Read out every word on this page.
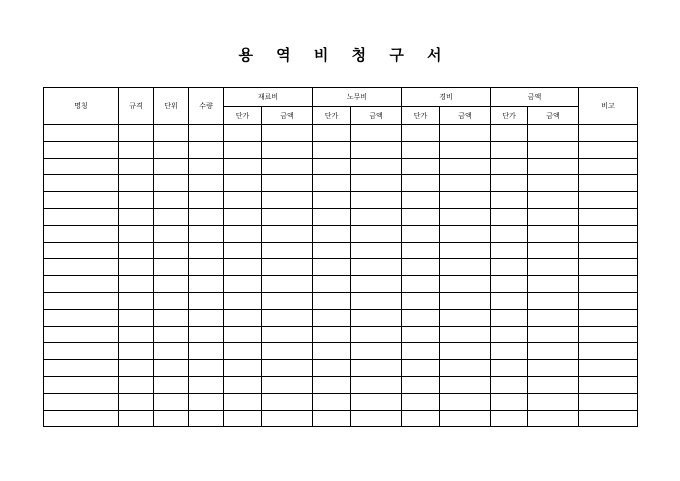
용 역 비 청 구 서
명칭	규격	단위	수량	재료비		노무비		경비		금액		비고
				단가	금액	단가	금액	단가	금액	단가	금액	
